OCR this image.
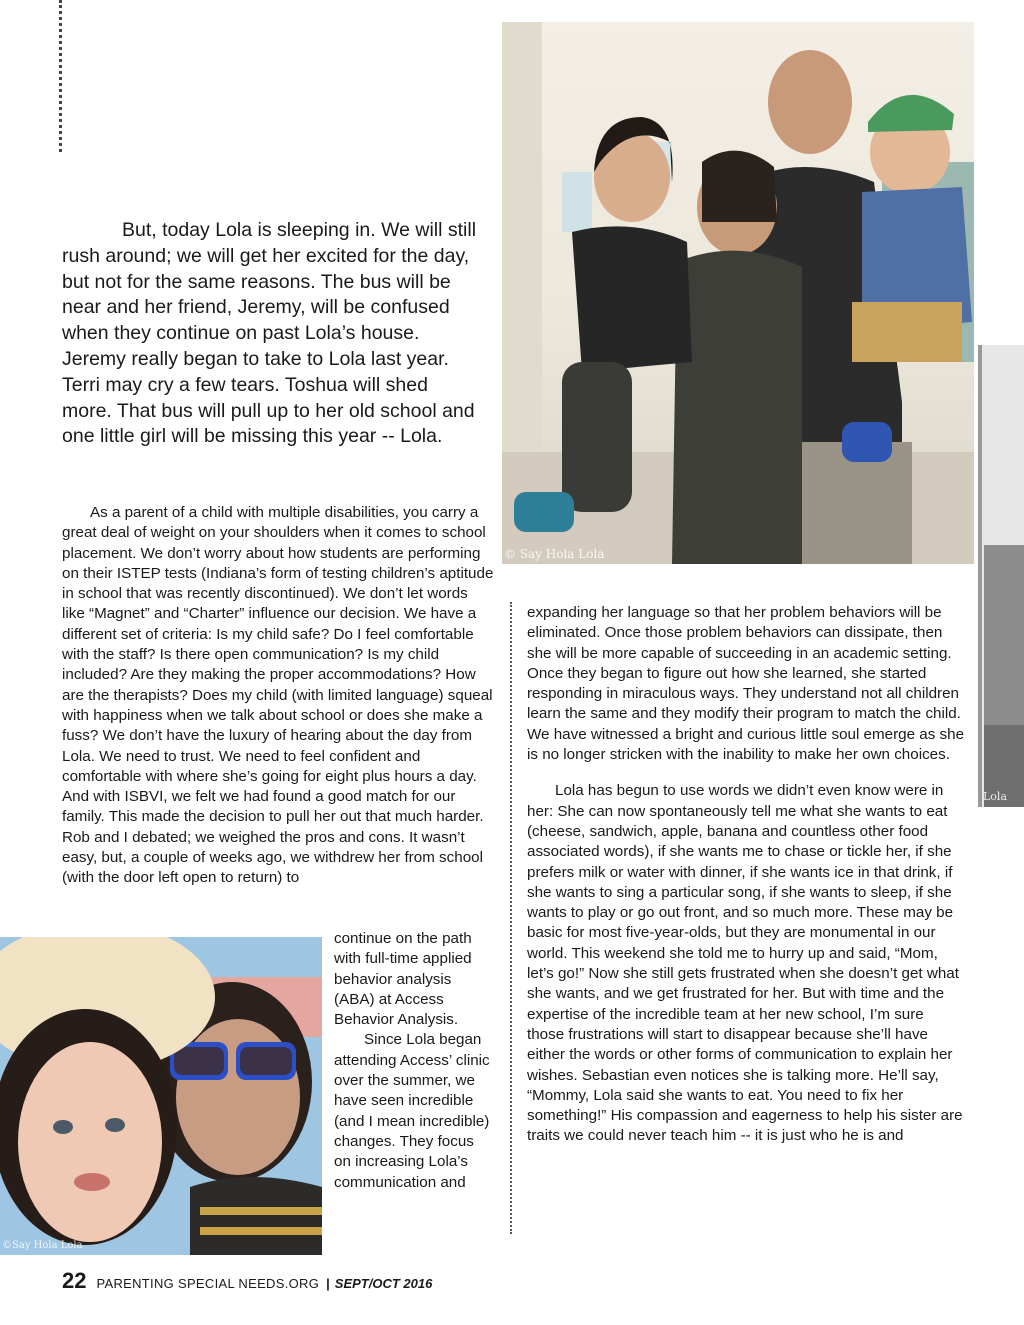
But, today Lola is sleeping in. We will still rush around; we will get her excited for the day, but not for the same reasons. The bus will be near and her friend, Jeremy, will be confused when they continue on past Lola’s house. Jeremy really began to take to Lola last year. Terri may cry a few tears. Toshua will shed more. That bus will pull up to her old school and one little girl will be missing this year -- Lola.

As a parent of a child with multiple disabilities, you carry a great deal of weight on your shoulders when it comes to school placement. We don’t worry about how students are performing on their ISTEP tests (Indiana’s form of testing children’s aptitude in school that was recently discontinued). We don’t let words like “Magnet” and “Charter” influence our decision. We have a different set of criteria: Is my child safe? Do I feel comfortable with the staff? Is there open communication? Is my child included? Are they making the proper accommodations? How are the therapists? Does my child (with limited language) squeal with happiness when we talk about school or does she make a fuss? We don’t have the luxury of hearing about the day from Lola. We need to trust. We need to feel confident and comfortable with where she’s going for eight plus hours a day. And with ISBVI, we felt we had found a good match for our family. This made the decision to pull her out that much harder. Rob and I debated; we weighed the pros and cons. It wasn’t easy, but, a couple of weeks ago, we withdrew her from school (with the door left open to return) to

continue on the path with full-time applied behavior analysis (ABA) at Access Behavior Analysis.

Since Lola began attending Access’ clinic over the summer, we have seen incredible (and I mean incredible) changes. They focus on increasing Lola’s communication and

expanding her language so that her problem behaviors will be eliminated. Once those problem behaviors can dissipate, then she will be more capable of succeeding in an academic setting. Once they began to figure out how she learned, she started responding in miraculous ways. They understand not all children learn the same and they modify their program to match the child. We have witnessed a bright and curious little soul emerge as she is no longer stricken with the inability to make her own choices.

Lola has begun to use words we didn’t even know were in her: She can now spontaneously tell me what she wants to eat (cheese, sandwich, apple, banana and countless other food associated words), if she wants me to chase or tickle her, if she prefers milk or water with dinner, if she wants ice in that drink, if she wants to sing a particular song, if she wants to sleep, if she wants to play or go out front, and so much more. These may be basic for most five-year-olds, but they are monumental in our world. This weekend she told me to hurry up and said, “Mom, let’s go!” Now she still gets frustrated when she doesn’t get what she wants, and we get frustrated for her. But with time and the expertise of the incredible team at her new school, I’m sure those frustrations will start to disappear because she’ll have either the words or other forms of communication to explain her wishes. Sebastian even notices she is talking more. He’ll say, “Mommy, Lola said she wants to eat. You need to fix her something!” His compassion and eagerness to help his sister are traits we could never teach him -- it is just who he is and

© Say Hola Lola
Lola
©Say Hola Lola
22 PARENTING SPECIAL NEEDS.ORG | SEPT/OCT 2016
